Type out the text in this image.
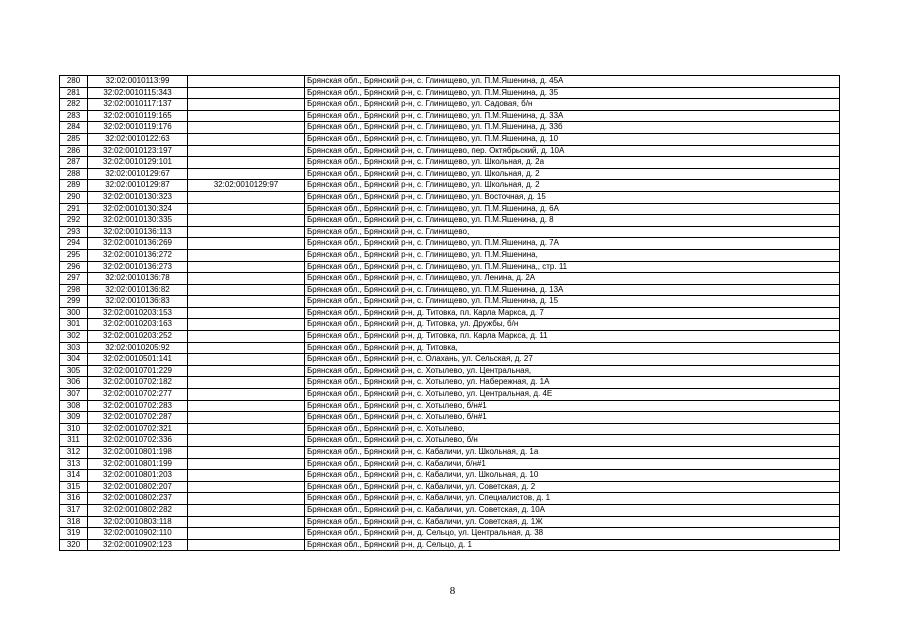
280	32:02:0010113:99		Брянская обл., Брянский р-н, с. Глинищево, ул. П.М.Яшенина, д. 45А
281	32:02:0010115:343		Брянская обл., Брянский р-н, с. Глинищево, ул. П.М.Яшенина, д. 35
282	32:02:0010117:137		Брянская обл., Брянский р-н, с. Глинищево, ул. Садовая, б/н
283	32:02:0010119:165		Брянская обл., Брянский р-н, с. Глинищево, ул. П.М.Яшенина, д. 33А
284	32:02:0010119:176		Брянская обл., Брянский р-н, с. Глинищево, ул. П.М.Яшенина, д. 33б
285	32:02:0010122:63		Брянская обл., Брянский р-н, с. Глинищево, ул. П.М.Яшенина, д. 10
286	32:02:0010123:197		Брянская обл., Брянский р-н, с. Глинищево, пер. Октябрьский, д. 10А
287	32:02:0010129:101		Брянская обл., Брянский р-н, с. Глинищево, ул. Школьная, д. 2а
288	32:02:0010129:67		Брянская обл., Брянский р-н, с. Глинищево, ул. Школьная, д. 2
289	32:02:0010129:87	32:02:0010129:97	Брянская обл., Брянский р-н, с. Глинищево, ул. Школьная, д. 2
290	32:02:0010130:323		Брянская обл., Брянский р-н, с. Глинищево, ул. Восточная, д. 15
291	32:02:0010130:324		Брянская обл., Брянский р-н, с. Глинищево, ул. П.М.Яшенина, д. 6А
292	32:02:0010130:335		Брянская обл., Брянский р-н, с. Глинищево, ул. П.М.Яшенина, д. 8
293	32:02:0010136:113		Брянская обл., Брянский р-н, с. Глинищево,
294	32:02:0010136:269		Брянская обл., Брянский р-н, с. Глинищево, ул. П.М.Яшенина, д. 7А
295	32:02:0010136:272		Брянская обл., Брянский р-н, с. Глинищево, ул. П.М.Яшенина,
296	32:02:0010136:273		Брянская обл., Брянский р-н, с. Глинищево, ул. П.М.Яшенина,, стр. 11
297	32:02:0010136:78		Брянская обл., Брянский р-н, с. Глинищево, ул. Ленина, д. 2А
298	32:02:0010136:82		Брянская обл., Брянский р-н, с. Глинищево, ул. П.М.Яшенина, д. 13А
299	32:02:0010136:83		Брянская обл., Брянский р-н, с. Глинищево, ул. П.М.Яшенина, д. 15
300	32:02:0010203:153		Брянская обл., Брянский р-н, д. Титовка, пл. Карла Маркса, д. 7
301	32:02:0010203:163		Брянская обл., Брянский р-н, д. Титовка, ул. Дружбы, б/н
302	32:02:0010203:252		Брянская обл., Брянский р-н, д. Титовка, пл. Карла Маркса, д. 11
303	32:02:0010205:92		Брянская обл., Брянский р-н, д. Титовка,
304	32:02:0010501:141		Брянская обл., Брянский р-н, с. Олахань, ул. Сельская, д. 27
305	32:02:0010701:229		Брянская обл., Брянский р-н, с. Хотылево, ул. Центральная,
306	32:02:0010702:182		Брянская обл., Брянский р-н, с. Хотылево, ул. Набережная, д. 1А
307	32:02:0010702:277		Брянская обл., Брянский р-н, с. Хотылево, ул. Центральная, д. 4Е
308	32:02:0010702:283		Брянская обл., Брянский р-н, с. Хотылево, б/н#1
309	32:02:0010702:287		Брянская обл., Брянский р-н, с. Хотылево, б/н#1
310	32:02:0010702:321		Брянская обл., Брянский р-н, с. Хотылево,
311	32:02:0010702:336		Брянская обл., Брянский р-н, с. Хотылево, б/н
312	32:02:0010801:198		Брянская обл., Брянский р-н, с. Кабаличи, ул. Школьная, д. 1а
313	32:02:0010801:199		Брянская обл., Брянский р-н, с. Кабаличи, б/н#1
314	32:02:0010801:203		Брянская обл., Брянский р-н, с. Кабаличи, ул. Школьная, д. 10
315	32:02:0010802:207		Брянская обл., Брянский р-н, с. Кабаличи, ул. Советская, д. 2
316	32:02:0010802:237		Брянская обл., Брянский р-н, с. Кабаличи, ул. Специалистов, д. 1
317	32:02:0010802:282		Брянская обл., Брянский р-н, с. Кабаличи, ул. Советская, д. 10А
318	32:02:0010803:118		Брянская обл., Брянский р-н, с. Кабаличи, ул. Советская, д. 1Ж
319	32:02:0010902:110		Брянская обл., Брянский р-н, д. Сельцо, ул. Центральная, д. 38
320	32:02:0010902:123		Брянская обл., Брянский р-н, д. Сельцо, д. 1
8
